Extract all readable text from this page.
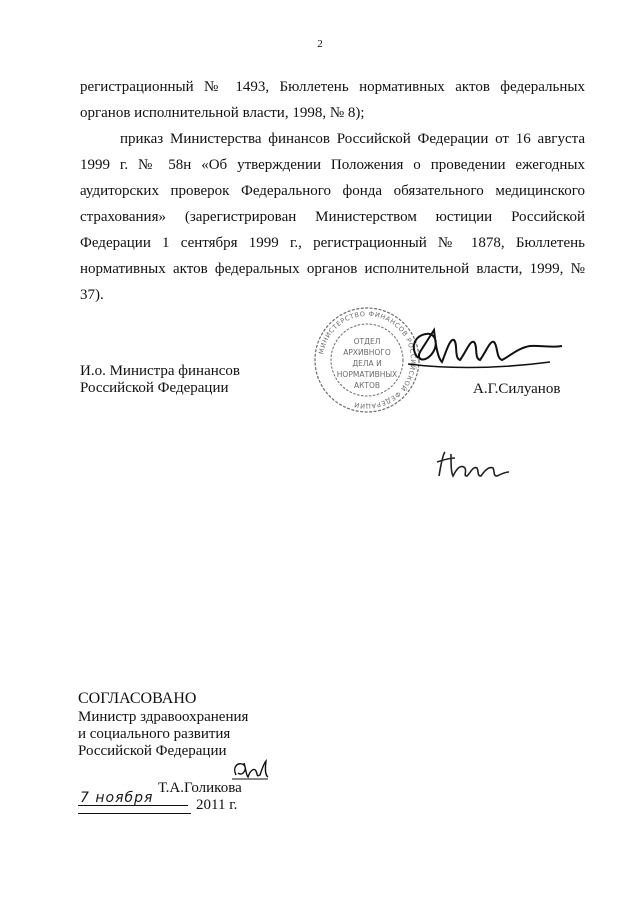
2

регистрационный № 1493, Бюллетень нормативных актов федеральных органов исполнительной власти, 1998, № 8);

приказ Министерства финансов Российской Федерации от 16 августа 1999 г. № 58н «Об утверждении Положения о проведении ежегодных аудиторских проверок Федерального фонда обязательного медицинского страхования» (зарегистрирован Министерством юстиции Российской Федерации 1 сентября 1999 г., регистрационный № 1878, Бюллетень нормативных актов федеральных органов исполнительной власти, 1999, № 37).

И.о. Министра финансов
Российской Федерации
МИНИСТЕРСТВО ФИНАНСОВ РОССИЙСКОЙ ФЕДЕРАЦИИ
ОТДЕЛ
АРХИВНОГО
ДЕЛА И
НОРМАТИВНЫХ
АКТОВ	А.Г.Силуанов
СОГЛАСОВАНО
Министр здравоохранения
и социального развития
Российской Федерации
Т.А.Голикова
7 ноября	2011 г.
